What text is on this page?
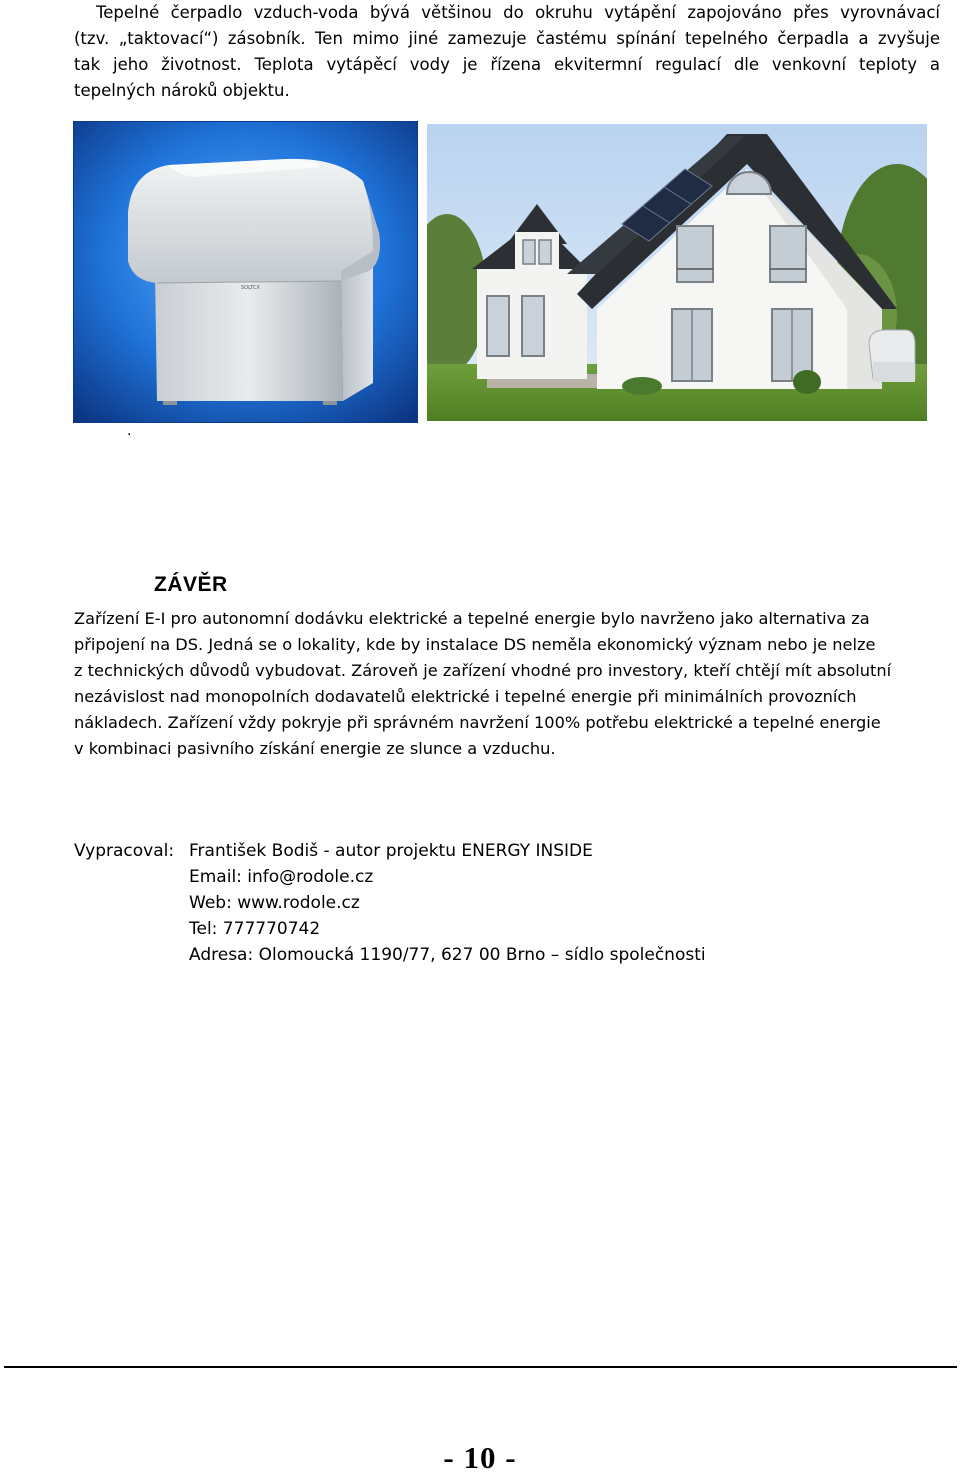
Tepelné čerpadlo vzduch-voda bývá většinou do okruhu vytápění zapojováno přes vyrovnávací
(tzv. „taktovací“) zásobník. Ten mimo jiné zamezuje častému spínání tepelného čerpadla a zvyšuje
tak jeho životnost. Teplota vytápěcí vody je řízena ekvitermní regulací dle venkovní teploty a
tepelných nároků objektu.
SOLTCX
.
ZÁVĚR
Zařízení E-I pro autonomní dodávku elektrické a tepelné energie bylo navrženo jako alternativa za
připojení na DS. Jedná se o lokality, kde by instalace DS neměla ekonomický význam nebo je nelze
z technických důvodů vybudovat. Zároveň je zařízení vhodné pro investory, kteří chtějí mít absolutní
nezávislost nad monopolních dodavatelů elektrické i tepelné energie při minimálních provozních
nákladech. Zařízení vždy pokryje při správném navržení 100% potřebu elektrické a tepelné energie
v kombinaci pasivního získání energie ze slunce a vzduchu.
Vypracoval: František Bodiš - autor projektu ENERGY INSIDE
Email: info@rodole.cz
Web: www.rodole.cz
Tel: 777770742
Adresa: Olomoucká 1190/77, 627 00 Brno – sídlo společnosti
- 10 -
